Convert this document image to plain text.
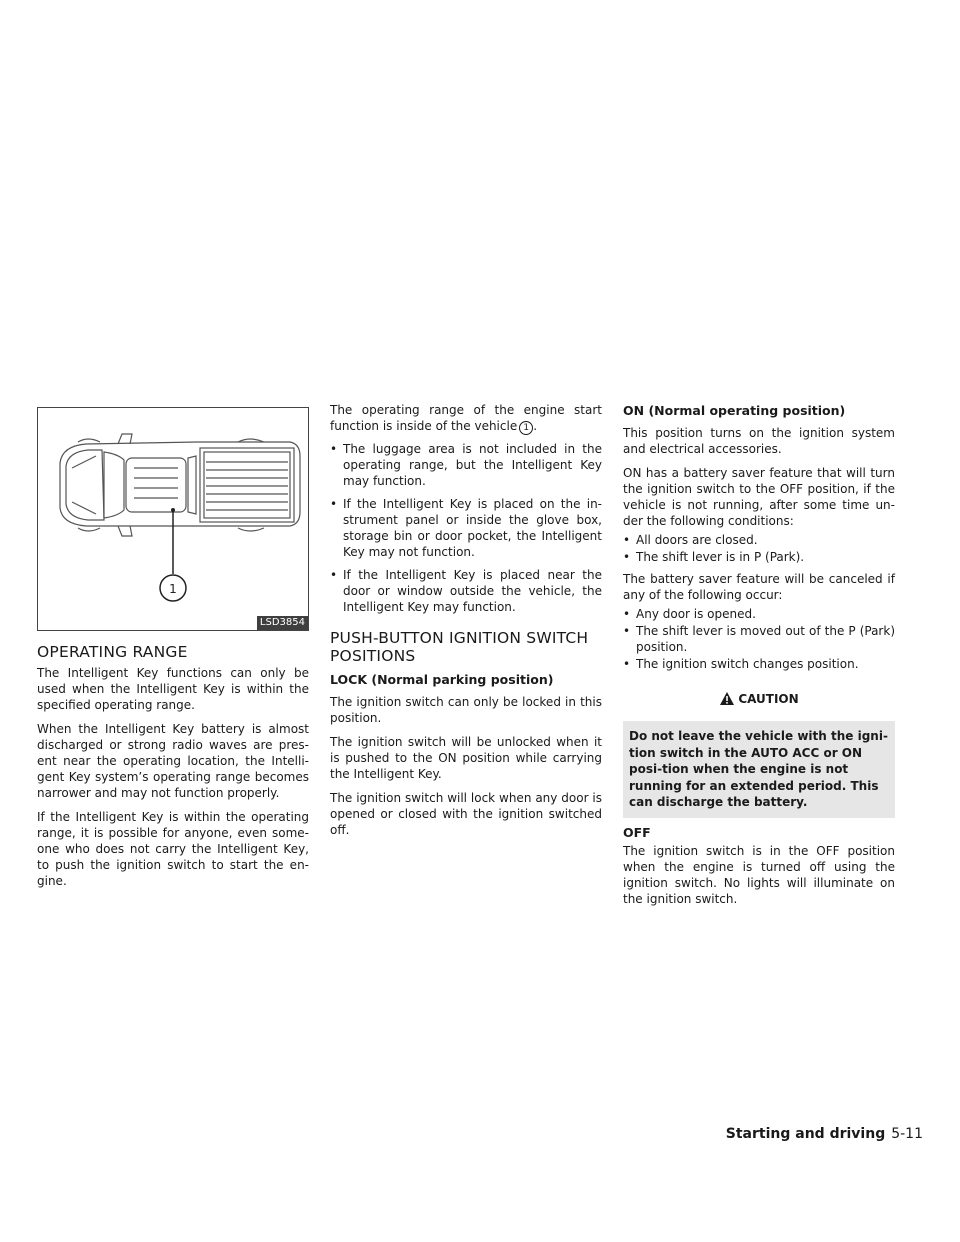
1
LSD3854
OPERATING RANGE

The Intelligent Key functions can only be used when the Intelligent Key is within the specified operating range.

When the Intelligent Key battery is almost discharged or strong radio waves are pres-ent near the operating location, the Intelli-gent Key system’s operating range becomes narrower and may not function properly.

If the Intelligent Key is within the operating range, it is possible for anyone, even some-one who does not carry the Intelligent Key, to push the ignition switch to start the en-gine.

The operating range of the engine start function is inside of the vehicle 1 .

• The luggage area is not included in the operating range, but the Intelligent Key may function.
• If the Intelligent Key is placed on the in-strument panel or inside the glove box, storage bin or door pocket, the Intelligent Key may not function.
• If the Intelligent Key is placed near the door or window outside the vehicle, the Intelligent Key may function.
PUSH-BUTTON IGNITION SWITCH
POSITIONS
LOCK (Normal parking position)

The ignition switch can only be locked in this position.

The ignition switch will be unlocked when it is pushed to the ON position while carrying the Intelligent Key.

The ignition switch will lock when any door is opened or closed with the ignition switched off.

ON (Normal operating position)

This position turns on the ignition system and electrical accessories.

ON has a battery saver feature that will turn the ignition switch to the OFF position, if the vehicle is not running, after some time un-der the following conditions:

• All doors are closed.
• The shift lever is in P (Park).

The battery saver feature will be canceled if any of the following occur:

• Any door is opened.
• The shift lever is moved out of the P (Park) position.
• The ignition switch changes position.
CAUTION
Do not leave the vehicle with the igni-tion switch in the AUTO ACC or ON posi-tion when the engine is not running for an extended period. This can discharge the battery.
OFF

The ignition switch is in the OFF position when the engine is turned off using the ignition switch. No lights will illuminate on the ignition switch.

Starting and driving 5-11
